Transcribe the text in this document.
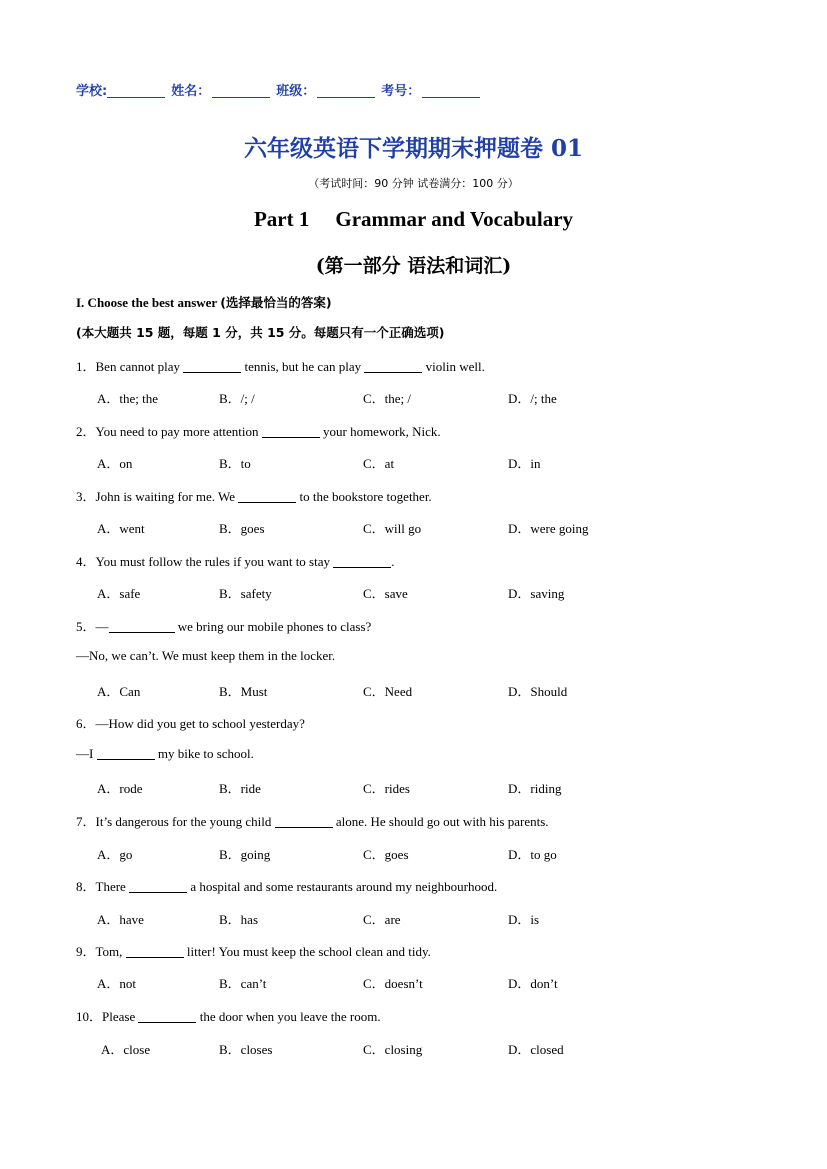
学校:	姓名：	班级：	考号：
六年级英语下学期期末押题卷 01
（考试时间：90 分钟 试卷满分：100 分）
Part 1 Grammar and Vocabulary
(第一部分 语法和词汇)
I. Choose the best answer (选择最恰当的答案)
(本大题共 15 题，每题 1 分，共 15 分。每题只有一个正确选项)
1．Ben cannot play	tennis, but he can play	violin well.
A．the; the	B．/; /	C．the; /	D．/; the
2．You need to pay more attention	your homework, Nick.
A．on	B．to	C．at	D．in
3．John is waiting for me. We	to the bookstore together.
A．went	B．goes	C．will go	D．were going
4．You must follow the rules if you want to stay	.
A．safe	B．safety	C．save	D．saving
5．—	we bring our mobile phones to class?
—No, we can’t. We must keep them in the locker.
A．Can	B．Must	C．Need	D．Should
6．—How did you get to school yesterday?
—I	my bike to school.
A．rode	B．ride	C．rides	D．riding
7．It’s dangerous for the young child	alone. He should go out with his parents.
A．go	B．going	C．goes	D．to go
8．There	a hospital and some restaurants around my neighbourhood.
A．have	B．has	C．are	D．is
9．Tom,	litter! You must keep the school clean and tidy.
A．not	B．can’t	C．doesn’t	D．don’t
10．Please	the door when you leave the room.
A．close	B．closes	C．closing	D．closed
